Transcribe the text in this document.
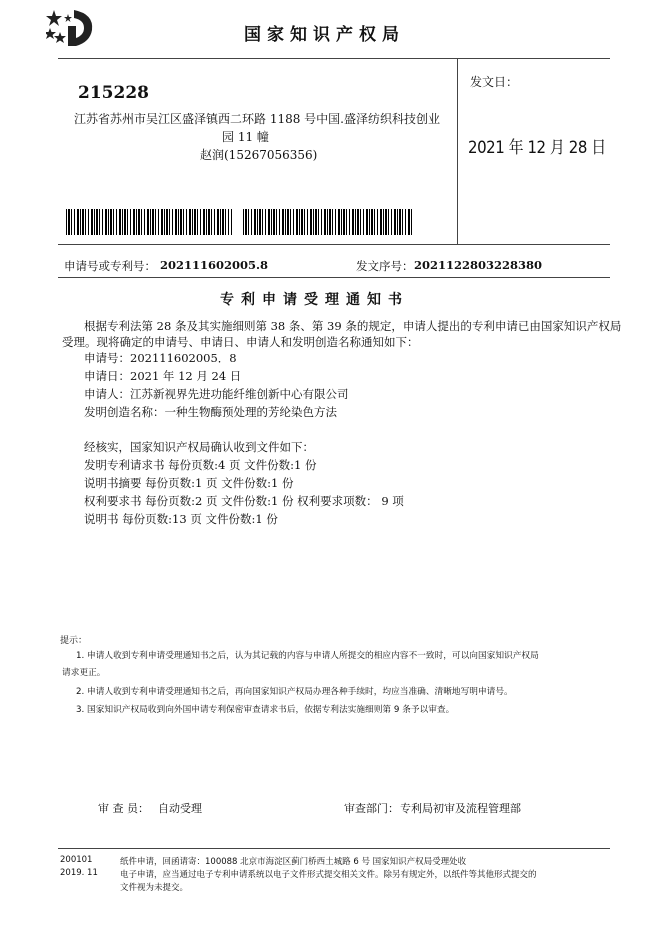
国家知识产权局
215228
江苏省苏州市吴江区盛泽镇西二环路 1188 号中国.盛泽纺织科技创业
园 11 幢
赵润(15267056356)
发文日：
2021 年 12 月 28 日
申请号或专利号： 202111602005.8	发文序号： 2021122803228380
专利申请受理通知书
根据专利法第 28 条及其实施细则第 38 条、第 39 条的规定，申请人提出的专利申请已由国家知识产权局
受理。现将确定的申请号、申请日、申请人和发明创造名称通知如下：
申请号：202111602005．8
申请日：2021 年 12 月 24 日
申请人：江苏新视界先进功能纤维创新中心有限公司
发明创造名称：一种生物酶预处理的芳纶染色方法
经核实，国家知识产权局确认收到文件如下：
发明专利请求书 每份页数:4 页 文件份数:1 份
说明书摘要 每份页数:1 页 文件份数:1 份
权利要求书 每份页数:2 页 文件份数:1 份 权利要求项数： 9 项
说明书 每份页数:13 页 文件份数:1 份
提示：
1. 申请人收到专利申请受理通知书之后，认为其记载的内容与申请人所提交的相应内容不一致时，可以向国家知识产权局
请求更正。
2. 申请人收到专利申请受理通知书之后，再向国家知识产权局办理各种手续时，均应当准确、清晰地写明申请号。
3. 国家知识产权局收到向外国申请专利保密审查请求书后，依据专利法实施细则第 9 条予以审查。
审 查 员： 自动受理	审查部门： 专利局初审及流程管理部
200101
2019. 11
纸件申请，回函请寄：100088 北京市海淀区蓟门桥西土城路 6 号 国家知识产权局受理处收
电子申请，应当通过电子专利申请系统以电子文件形式提交相关文件。除另有规定外，以纸件等其他形式提交的
文件视为未提交。
